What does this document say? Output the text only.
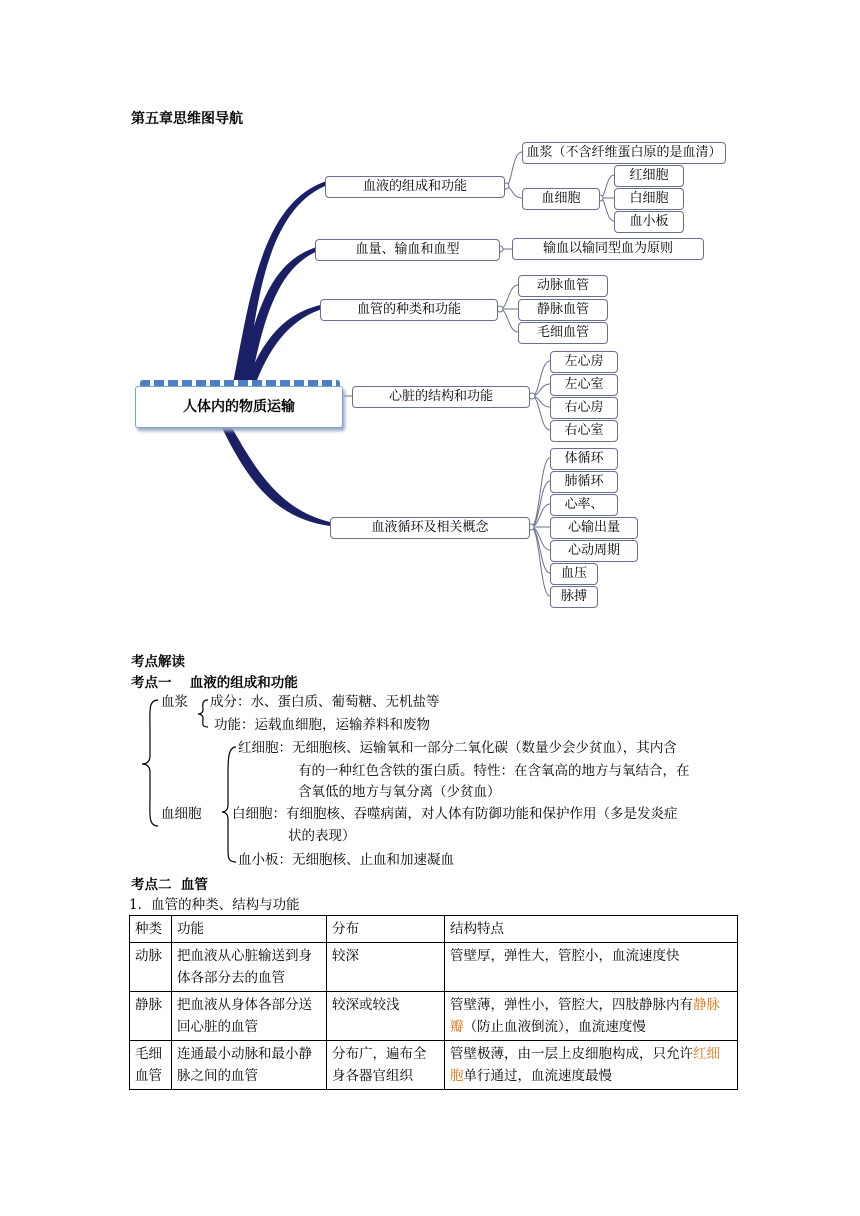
第五章思维图导航
人体内的物质运输
血液的组成和功能
血量、输血和血型
血管的种类和功能
心脏的结构和功能
血液循环及相关概念
血浆（不含纤维蛋白原的是血清）
血细胞
红细胞
白细胞
血小板
输血以输同型血为原则
动脉血管
静脉血管
毛细血管
左心房
左心室
右心房
右心室
体循环
肺循环
心率、
心输出量
心动周期
血压
脉搏
考点解读
考点一　 血液的组成和功能
血浆 成分：水、蛋白质、葡萄糖、无机盐等
功能：运载血细胞，运输养料和废物
血细胞
红细胞：无细胞核、运输氧和一部分二氧化碳（数量少会少贫血），其内含
有的一种红色含铁的蛋白质。特性：在含氧高的地方与氧结合，在
含氧低的地方与氧分离（少贫血）
白细胞：有细胞核、吞噬病菌，对人体有防御功能和保护作用（多是发炎症
状的表现）
血小板：无细胞核、止血和加速凝血
考点二  血管
1．血管的种类、结构与功能
种类	功能	分布	结构特点
动脉	把血液从心脏输送到身体各部分去的血管	较深	管壁厚，弹性大，管腔小，血流速度快
静脉	把血液从身体各部分送回心脏的血管	较深或较浅	管壁薄，弹性小，管腔大，四肢静脉内有静脉瓣（防止血液倒流），血流速度慢
毛细血管	连通最小动脉和最小静脉之间的血管	分布广，遍布全身各器官组织	管壁极薄，由一层上皮细胞构成，只允许红细胞单行通过，血流速度最慢
